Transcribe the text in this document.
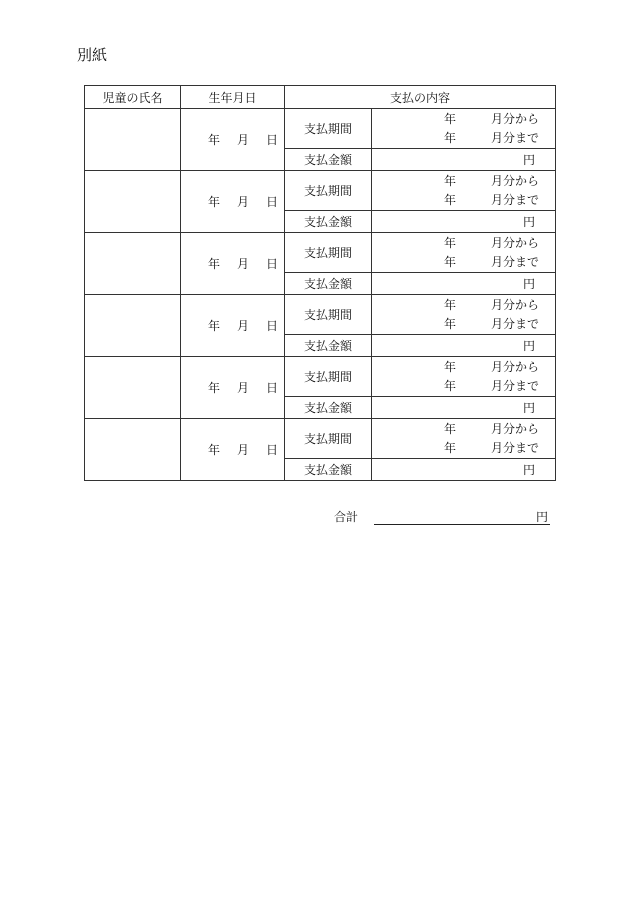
別紙
児童の氏名	生年月日	支払の内容	
	年 月 日	支払期間	年 月分から
年 月分まで

		支払金額	円
	年 月 日	支払期間	年 月分から
年 月分まで

		支払金額	円
	年 月 日	支払期間	年 月分から
年 月分まで

		支払金額	円
	年 月 日	支払期間	年 月分から
年 月分まで

		支払金額	円
	年 月 日	支払期間	年 月分から
年 月分まで

		支払金額	円
	年 月 日	支払期間	年 月分から
年 月分まで

		支払金額	円
合計	円
